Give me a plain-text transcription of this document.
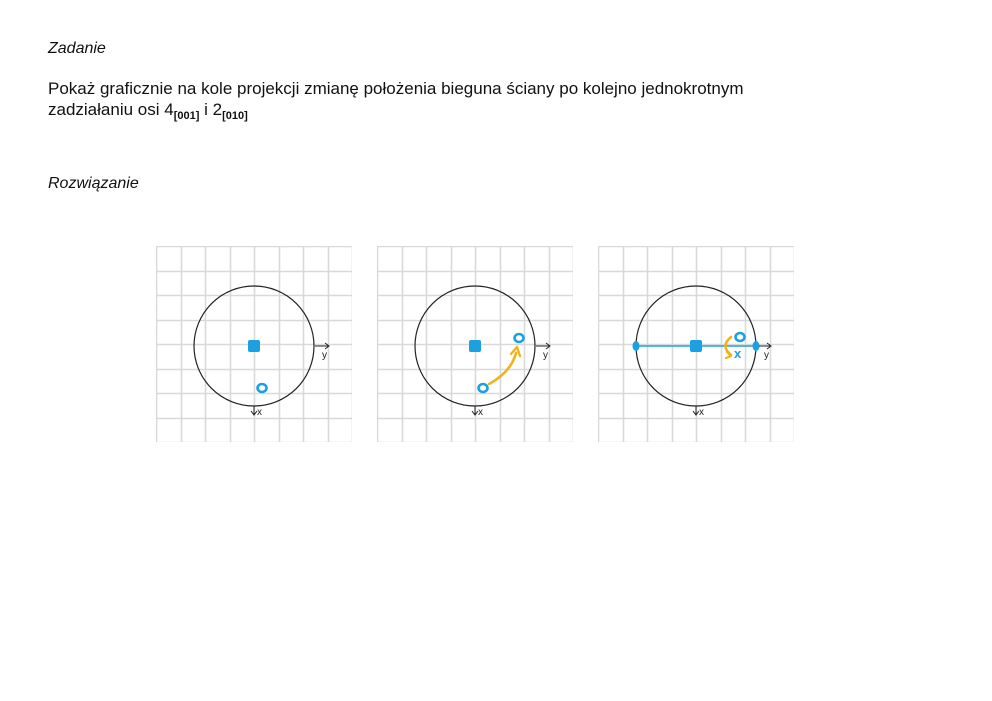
Zadanie
Pokaż graficznie na kole projekcji zmianę położenia bieguna ściany po kolejno jednokrotnym
zadziałaniu osi $4_{[001]}$ i $2_{[010]}$
Rozwiązanie
y
x
y
x
y
x
x
